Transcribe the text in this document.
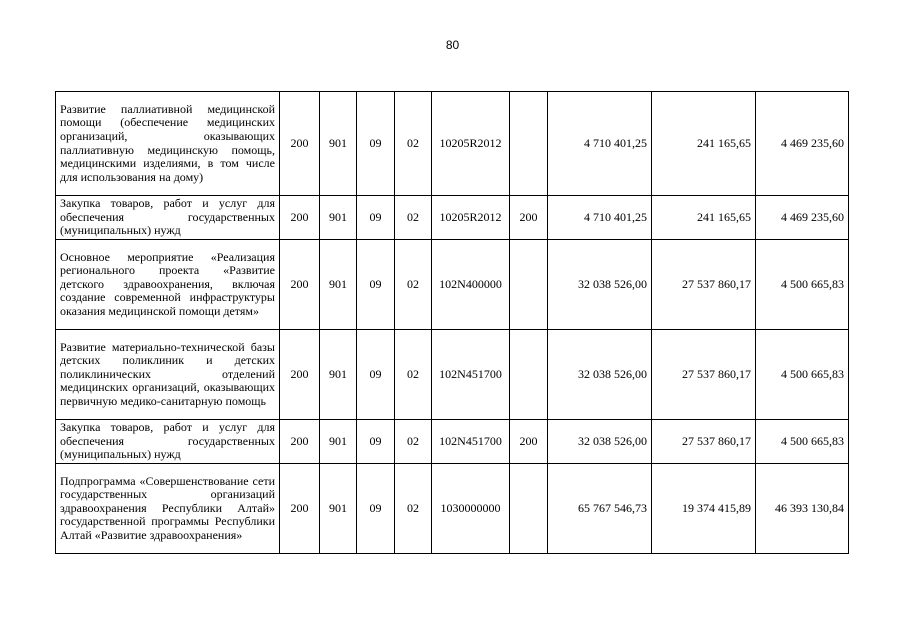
80
Развитие паллиативной медицинской помощи (обеспечение медицинских организаций, оказывающих паллиативную медицинскую помощь, медицинскими изделиями, в том числе для использования на дому)	200	901	09	02	10205R2012		4 710 401,25	241 165,65	4 469 235,60
Закупка товаров, работ и услуг для обеспечения государственных (муниципальных) нужд	200	901	09	02	10205R2012	200	4 710 401,25	241 165,65	4 469 235,60
Основное мероприятие «Реализация регионального проекта «Развитие детского здравоохранения, включая создание современной инфраструктуры оказания медицинской помощи детям»	200	901	09	02	102N400000		32 038 526,00	27 537 860,17	4 500 665,83
Развитие материально-технической базы детских поликлиник и детских поликлинических отделений медицинских организаций, оказывающих первичную медико-санитарную помощь	200	901	09	02	102N451700		32 038 526,00	27 537 860,17	4 500 665,83
Закупка товаров, работ и услуг для обеспечения государственных (муниципальных) нужд	200	901	09	02	102N451700	200	32 038 526,00	27 537 860,17	4 500 665,83
Подпрограмма «Совершенствование сети государственных организаций здравоохранения Республики Алтай» государственной программы Республики Алтай «Развитие здравоохранения»	200	901	09	02	1030000000		65 767 546,73	19 374 415,89	46 393 130,84
